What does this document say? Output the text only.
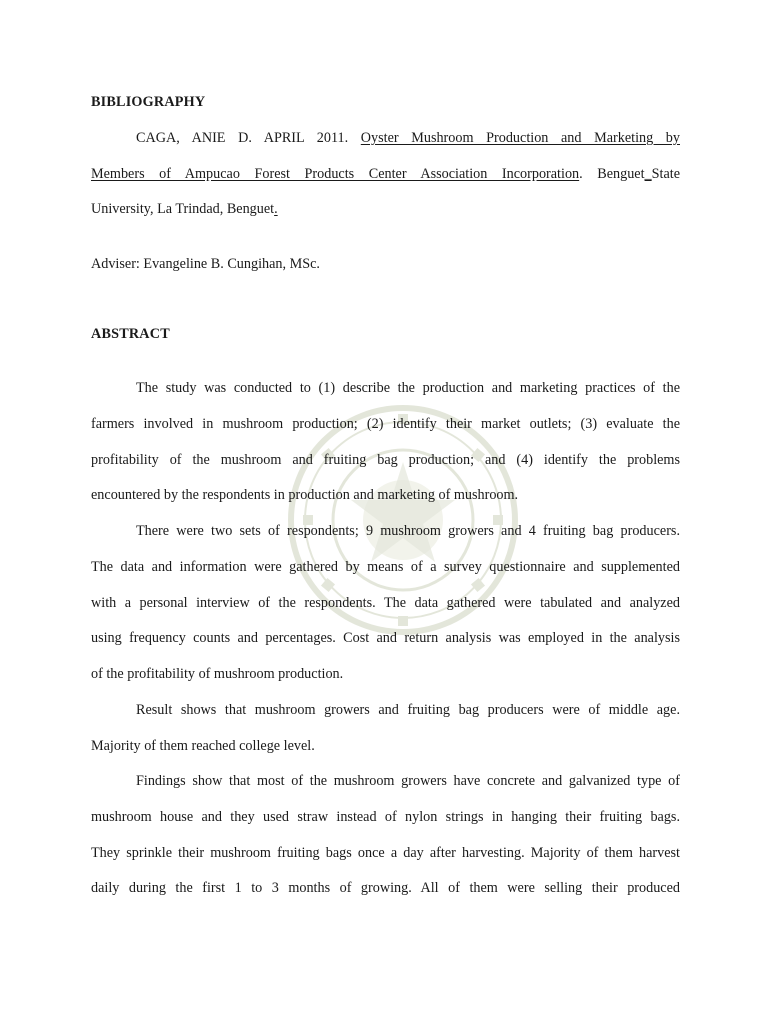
BIBLIOGRAPHY
CAGA, ANIE D. APRIL 2011. Oyster Mushroom Production and Marketing by
Members of Ampucao Forest Products Center Association Incorporation. Benguet_State
University, La Trindad, Benguet.
Adviser: Evangeline B. Cungihan, MSc.
ABSTRACT
The study was conducted to (1) describe the production and marketing practices of the
farmers involved in mushroom production; (2) identify their market outlets; (3) evaluate the
profitability of the mushroom and fruiting bag production; and (4) identify the problems
encountered by the respondents in production and marketing of mushroom.
There were two sets of respondents; 9 mushroom growers and 4 fruiting bag producers.
The data and information were gathered by means of a survey questionnaire and supplemented
with a personal interview of the respondents. The data gathered were tabulated and analyzed
using frequency counts and percentages. Cost and return analysis was employed in the analysis
of the profitability of mushroom production.
Result shows that mushroom growers and fruiting bag producers were of middle age.
Majority of them reached college level.
Findings show that most of the mushroom growers have concrete and galvanized type of
mushroom house and they used straw instead of nylon strings in hanging their fruiting bags.
They sprinkle their mushroom fruiting bags once a day after harvesting. Majority of them harvest
daily during the first 1 to 3 months of growing. All of them were selling their produced
